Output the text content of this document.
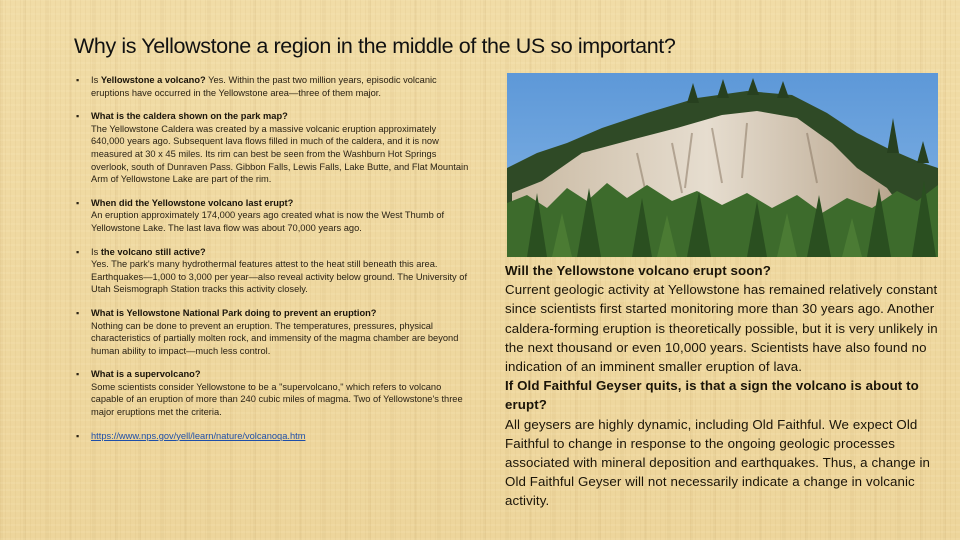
Why is Yellowstone a region in the middle of the US so important?
▪ Is Yellowstone a volcano? Yes. Within the past two million years, episodic volcanic eruptions have occurred in the Yellowstone area—three of them major.
▪ What is the caldera shown on the park map?
The Yellowstone Caldera was created by a massive volcanic eruption approximately 640,000 years ago. Subsequent lava flows filled in much of the caldera, and it is now measured at 30 x 45 miles. Its rim can best be seen from the Washburn Hot Springs overlook, south of Dunraven Pass. Gibbon Falls, Lewis Falls, Lake Butte, and Flat Mountain Arm of Yellowstone Lake are part of the rim.
▪ When did the Yellowstone volcano last erupt?
An eruption approximately 174,000 years ago created what is now the West Thumb of Yellowstone Lake. The last lava flow was about 70,000 years ago.
▪ Is the volcano still active?
Yes. The park's many hydrothermal features attest to the heat still beneath this area. Earthquakes—1,000 to 3,000 per year—also reveal activity below ground. The University of Utah Seismograph Station tracks this activity closely.
▪ What is Yellowstone National Park doing to prevent an eruption?
Nothing can be done to prevent an eruption. The temperatures, pressures, physical characteristics of partially molten rock, and immensity of the magma chamber are beyond human ability to impact—much less control.
▪ What is a supervolcano?
Some scientists consider Yellowstone to be a "supervolcano," which refers to volcano capable of an eruption of more than 240 cubic miles of magma. Two of Yellowstone's three major eruptions met the criteria.
▪ https://www.nps.gov/yell/learn/nature/volcanoqa.htm
Will the Yellowstone volcano erupt soon?
Current geologic activity at Yellowstone has remained relatively constant since scientists first started monitoring more than 30 years ago. Another caldera-forming eruption is theoretically possible, but it is very unlikely in the next thousand or even 10,000 years. Scientists have also found no indication of an imminent smaller eruption of lava.
If Old Faithful Geyser quits, is that a sign the volcano is about to erupt?
All geysers are highly dynamic, including Old Faithful. We expect Old Faithful to change in response to the ongoing geologic processes associated with mineral deposition and earthquakes. Thus, a change in Old Faithful Geyser will not necessarily indicate a change in volcanic activity.
